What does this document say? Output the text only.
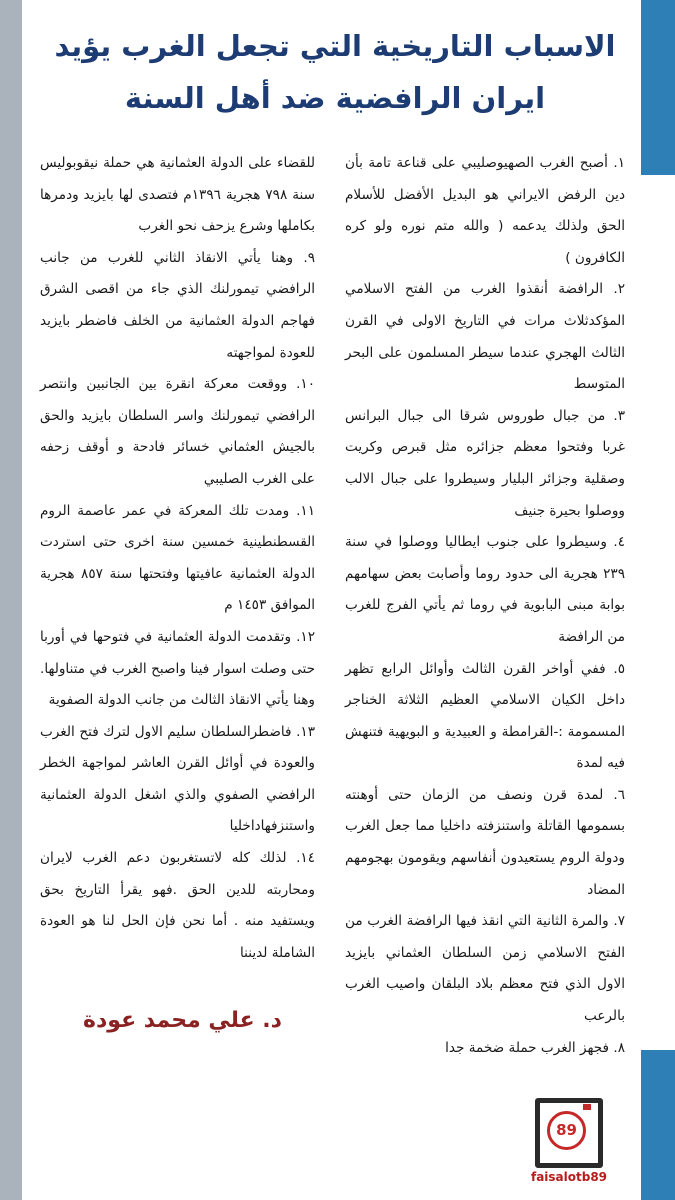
الاسباب التاريخية التي تجعل الغرب يؤيد
ايران الرافضية ضد أهل السنة

١. أصبح الغرب الصهيوصليبي على قناعة تامة بأن دين الرفض الايراني هو البديل الأفضل للأسلام الحق ولذلك يدعمه ( والله متم نوره ولو كره الكافرون )

٢. الرافضة أنقذوا الغرب من الفتح الاسلامي المؤكدثلاث مرات في التاريخ الاولى في القرن الثالث الهجري عندما سيطر المسلمون على البحر المتوسط

٣. من جبال طوروس شرقا الى جبال البرانس غربا وفتحوا معظم جزائره مثل قبرص وكريت وصقلية وجزائر البليار وسيطروا على جبال الالب ووصلوا بحيرة جنيف

٤. وسيطروا على جنوب ايطاليا ووصلوا في سنة ٢٣٩ هجرية الى حدود روما وأصابت بعض سهامهم بوابة مبنى البابوية في روما ثم يأتي الفرج للغرب من الرافضة

٥. ففي أواخر القرن الثالث وأوائل الرابع تظهر داخل الكيان الاسلامي العظيم الثلاثة الخناجر المسمومة :-القرامطة و العبيدية و البويهية فتنهش فيه لمدة

٦. لمدة قرن ونصف من الزمان حتى أوهنته بسمومها القاتلة واستنزفته داخليا مما جعل الغرب ودولة الروم يستعيدون أنفاسهم ويقومون بهجومهم المضاد

٧. والمرة الثانية التي انقذ فيها الرافضة الغرب من الفتح الاسلامي زمن السلطان العثماني بايزيد الاول الذي فتح معظم بلاد البلقان واصيب الغرب بالرعب

٨. فجهز الغرب حملة ضخمة جدا

للقضاء على الدولة العثمانية هي حملة نيقوبوليس سنة ٧٩٨ هجرية ١٣٩٦م فتصدى لها بايزيد ودمرها بكاملها وشرع يزحف نحو الغرب

٩. وهنا يأتي الانقاذ الثاني للغرب من جانب الرافضي تيمورلنك الذي جاء من اقصى الشرق فهاجم الدولة العثمانية من الخلف فاضطر بايزيد للعودة لمواجهته

١٠. ووقعت معركة انقرة بين الجانبين وانتصر الرافضي تيمورلنك واسر السلطان بايزيد والحق بالجيش العثماني خسائر فادحة و أوقف زحفه على الغرب الصليبي

١١. ومدت تلك المعركة في عمر عاصمة الروم القسطنطينية خمسين سنة اخرى حتى استردت الدولة العثمانية عافيتها وفتحتها سنة ٨٥٧ هجرية الموافق ١٤٥٣ م

١٢. وتقدمت الدولة العثمانية في فتوحها في أوربا حتى وصلت اسوار فينا واصبح الغرب في متناولها. وهنا يأتي الانقاذ الثالث من جانب الدولة الصفوية

١٣. فاضطرالسلطان سليم الاول لترك فتح الغرب والعودة في أوائل القرن العاشر لمواجهة الخطر الرافضي الصفوي والذي اشغل الدولة العثمانية واستنزفهاداخليا

١٤. لذلك كله لاتستغربون دعم الغرب لايران ومحاربته للدين الحق .فهو يقرأ التاريخ بحق ويستفيد منه . أما نحن فإن الحل لنا هو العودة الشاملة لديننا

د. علي محمد عودة
89
faisalotb89
